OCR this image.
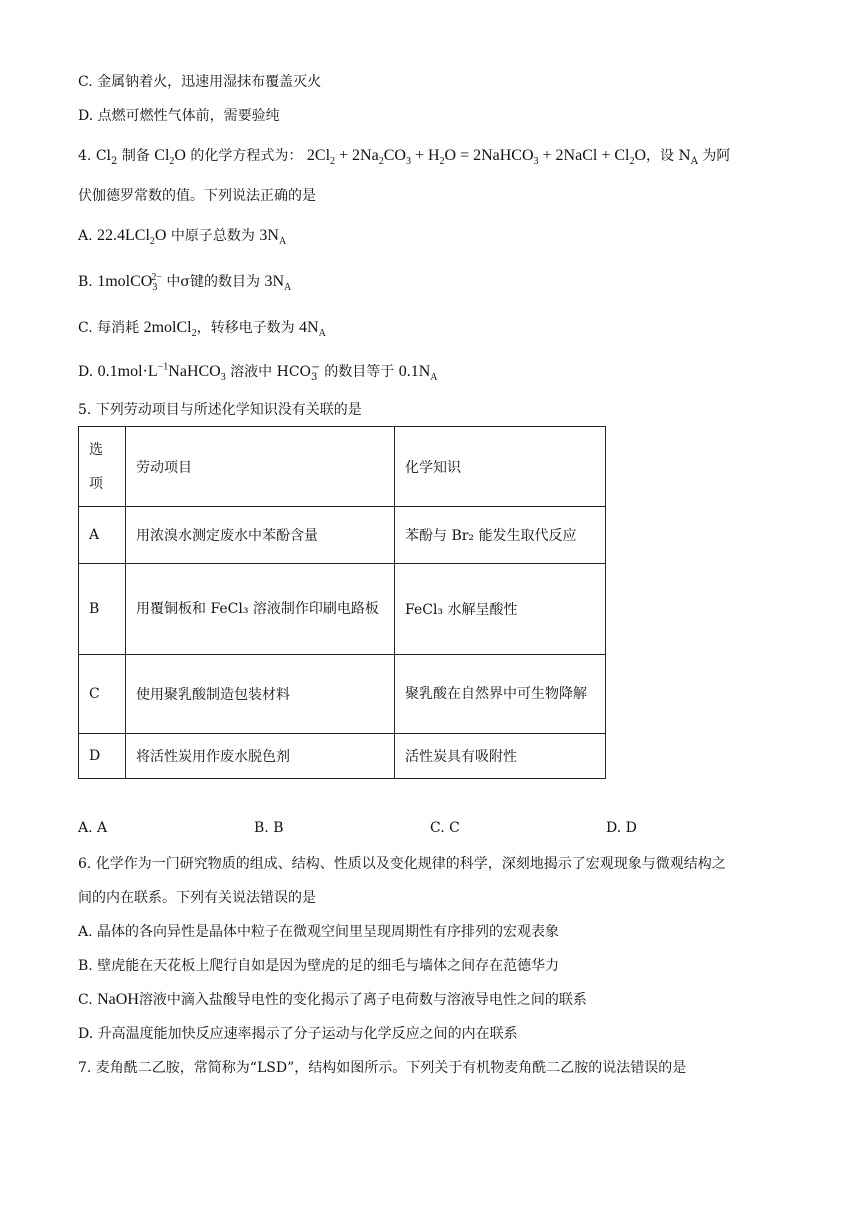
C. 金属钠着火，迅速用湿抹布覆盖灭火
D. 点燃可燃性气体前，需要验纯
4. $Cl_2$ 制备 $Cl_2O$ 的化学方程式为： $2Cl_2 + 2Na_2CO_3 + H_2O$ = 2NaHCO$_3$ + 2NaCl + $Cl_2O$，设 $N_A$ 为阿
伏伽德罗常数的值。下列说法正确的是
A. 22.4LCl$_2$O 中原子总数为 $3N_A$
B. 1molCO$_3^{2-}$ 中σ键的数目为 $3N_A$
C. 每消耗 2molCl$_2$，转移电子数为 $4N_A$
D. $0.1mol\cdot L^{-1}NaHCO_3$ 溶液中 $HCO_3^-$ 的数目等于 $0.1N_A$
5. 下列劳动项目与所述化学知识没有关联的是
选项	劳动项目	化学知识
A	用浓溴水测定废水中苯酚含量	苯酚与 Br₂ 能发生取代反应
B	用覆铜板和 FeCl₃ 溶液制作印刷电路板	FeCl₃ 水解呈酸性
C	使用聚乳酸制造包装材料	聚乳酸在自然界中可生物降解
D	将活性炭用作废水脱色剂	活性炭具有吸附性
A. A	B. B	C. C	D. D
6. 化学作为一门研究物质的组成、结构、性质以及变化规律的科学，深刻地揭示了宏观现象与微观结构之
间的内在联系。下列有关说法错误的是
A. 晶体的各向异性是晶体中粒子在微观空间里呈现周期性有序排列的宏观表象
B. 壁虎能在天花板上爬行自如是因为壁虎的足的细毛与墙体之间存在范德华力
C. NaOH溶液中滴入盐酸导电性的变化揭示了离子电荷数与溶液导电性之间的联系
D. 升高温度能加快反应速率揭示了分子运动与化学反应之间的内在联系
7. 麦角酰二乙胺，常简称为“LSD”，结构如图所示。下列关于有机物麦角酰二乙胺的说法错误的是
